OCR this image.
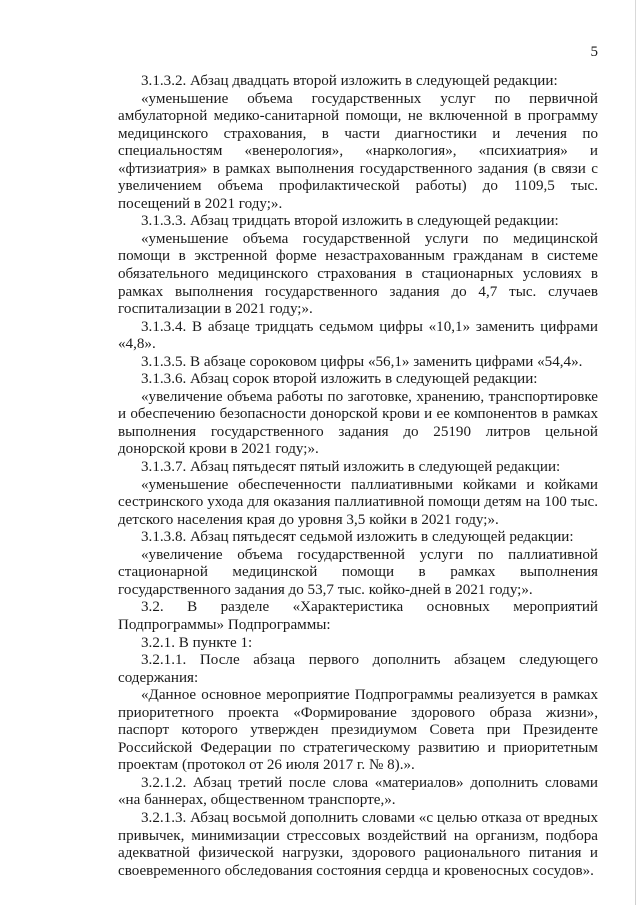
5

3.1.3.2. Абзац двадцать второй изложить в следующей редакции:

«уменьшение объема государственных услуг по первичной амбулаторной медико-санитарной помощи, не включенной в программу медицинского страхования, в части диагностики и лечения по специальностям «венерология», «наркология», «психиатрия» и «фтизиатрия» в рамках выполнения государственного задания (в связи с увеличением объема профилактической работы) до 1109,5 тыс. посещений в 2021 году;».

3.1.3.3. Абзац тридцать второй изложить в следующей редакции:

«уменьшение объема государственной услуги по медицинской помощи в экстренной форме незастрахованным гражданам в системе обязательного медицинского страхования в стационарных условиях в рамках выполнения государственного задания до 4,7 тыс. случаев госпитализации в 2021 году;».

3.1.3.4. В абзаце тридцать седьмом цифры «10,1» заменить цифрами «4,8».

3.1.3.5. В абзаце сороковом цифры «56,1» заменить цифрами «54,4».

3.1.3.6. Абзац сорок второй изложить в следующей редакции:

«увеличение объема работы по заготовке, хранению, транспортировке и обеспечению безопасности донорской крови и ее компонентов в рамках выполнения государственного задания до 25190 литров цельной донорской крови в 2021 году;».

3.1.3.7. Абзац пятьдесят пятый изложить в следующей редакции:

«уменьшение обеспеченности паллиативными койками и койками сестринского ухода для оказания паллиативной помощи детям на 100 тыс. детского населения края до уровня 3,5 койки в 2021 году;».

3.1.3.8. Абзац пятьдесят седьмой изложить в следующей редакции:

«увеличение объема государственной услуги по паллиативной стационарной медицинской помощи в рамках выполнения государственного задания до 53,7 тыс. койко-дней в 2021 году;».

3.2. В разделе «Характеристика основных мероприятий Подпрограммы» Подпрограммы:

3.2.1. В пункте 1:

3.2.1.1. После абзаца первого дополнить абзацем следующего содержания:

«Данное основное мероприятие Подпрограммы реализуется в рамках приоритетного проекта «Формирование здорового образа жизни», паспорт которого утвержден президиумом Совета при Президенте Российской Федерации по стратегическому развитию и приоритетным проектам (протокол от 26 июля 2017 г. № 8).».

3.2.1.2. Абзац третий после слова «материалов» дополнить словами «на баннерах, общественном транспорте,».

3.2.1.3. Абзац восьмой дополнить словами «с целью отказа от вредных привычек, минимизации стрессовых воздействий на организм, подбора адекватной физической нагрузки, здорового рационального питания и своевременного обследования состояния сердца и кровеносных сосудов».
